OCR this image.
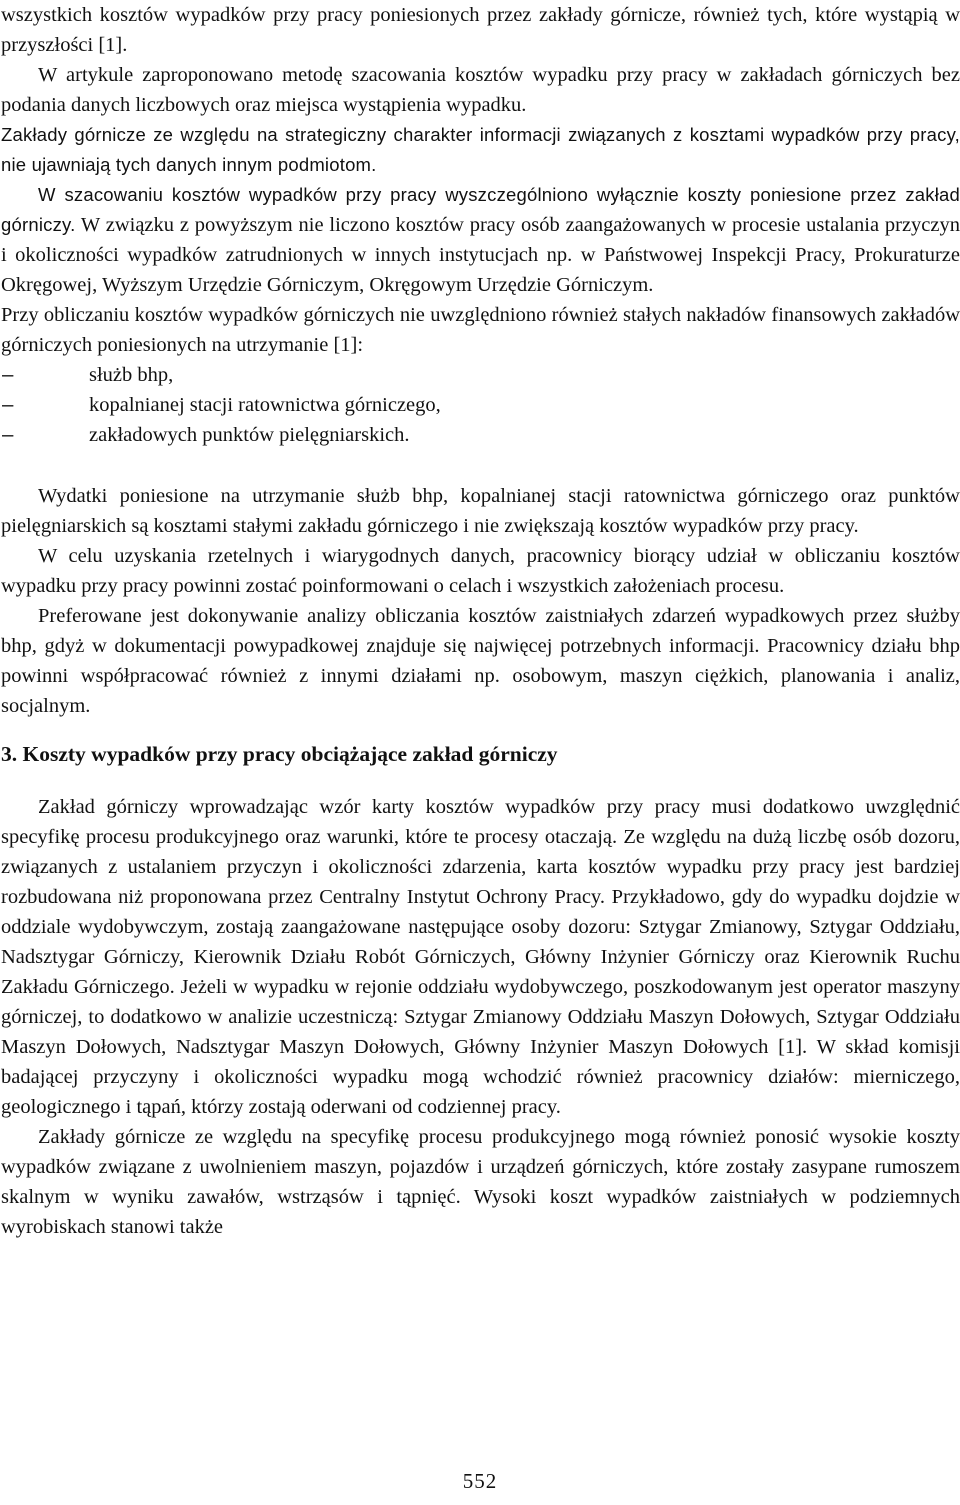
wszystkich kosztów wypadków przy pracy poniesionych przez zakłady górnicze, również tych, które wystąpią w przyszłości [1].

W artykule zaproponowano metodę szacowania kosztów wypadku przy pracy w zakładach górniczych bez podania danych liczbowych oraz miejsca wystąpienia wypadku.

Zakłady górnicze ze względu na strategiczny charakter informacji związanych z kosztami wypadków przy pracy, nie ujawniają tych danych innym podmiotom.

W szacowaniu kosztów wypadków przy pracy wyszczególniono wyłącznie koszty poniesione przez zakład górniczy. W związku z powyższym nie liczono kosztów pracy osób zaangażowanych w procesie ustalania przyczyn i okoliczności wypadków zatrudnionych w innych instytucjach np. w Państwowej Inspekcji Pracy, Prokuraturze Okręgowej, Wyższym Urzędzie Górniczym, Okręgowym Urzędzie Górniczym.

Przy obliczaniu kosztów wypadków górniczych nie uwzględniono również stałych nakładów finansowych zakładów górniczych poniesionych na utrzymanie [1]:

–	służb bhp,
–	kopalnianej stacji ratownictwa górniczego,
–	zakładowych punktów pielęgniarskich.

Wydatki poniesione na utrzymanie służb bhp, kopalnianej stacji ratownictwa górniczego oraz punktów pielęgniarskich są kosztami stałymi zakładu górniczego i nie zwiększają kosztów wypadków przy pracy.

W celu uzyskania rzetelnych i wiarygodnych danych, pracownicy biorący udział w obliczaniu kosztów wypadku przy pracy powinni zostać poinformowani o celach i wszystkich założeniach procesu.

Preferowane jest dokonywanie analizy obliczania kosztów zaistniałych zdarzeń wypadkowych przez służby bhp, gdyż w dokumentacji powypadkowej znajduje się najwięcej potrzebnych informacji. Pracownicy działu bhp powinni współpracować również z innymi działami np. osobowym, maszyn ciężkich, planowania i analiz, socjalnym.

3. Koszty wypadków przy pracy obciążające zakład górniczy

Zakład górniczy wprowadzając wzór karty kosztów wypadków przy pracy musi dodatkowo uwzględnić specyfikę procesu produkcyjnego oraz warunki, które te procesy otaczają. Ze względu na dużą liczbę osób dozoru, związanych z ustalaniem przyczyn i okoliczności zdarzenia, karta kosztów wypadku przy pracy jest bardziej rozbudowana niż proponowana przez Centralny Instytut Ochrony Pracy. Przykładowo, gdy do wypadku dojdzie w oddziale wydobywczym, zostają zaangażowane następujące osoby dozoru: Sztygar Zmianowy, Sztygar Oddziału, Nadsztygar Górniczy, Kierownik Działu Robót Górniczych, Główny Inżynier Górniczy oraz Kierownik Ruchu Zakładu Górniczego. Jeżeli w wypadku w rejonie oddziału wydobywczego, poszkodowanym jest operator maszyny górniczej, to dodatkowo w analizie uczestniczą: Sztygar Zmianowy Oddziału Maszyn Dołowych, Sztygar Oddziału Maszyn Dołowych, Nadsztygar Maszyn Dołowych, Główny Inżynier Maszyn Dołowych [1]. W skład komisji badającej przyczyny i okoliczności wypadku mogą wchodzić również pracownicy działów: mierniczego, geologicznego i tąpań, którzy zostają oderwani od codziennej pracy.

Zakłady górnicze ze względu na specyfikę procesu produkcyjnego mogą również ponosić wysokie koszty wypadków związane z uwolnieniem maszyn, pojazdów i urządzeń górniczych, które zostały zasypane rumoszem skalnym w wyniku zawałów, wstrząsów i tąpnięć. Wysoki koszt wypadków zaistniałych w podziemnych wyrobiskach stanowi także

552
